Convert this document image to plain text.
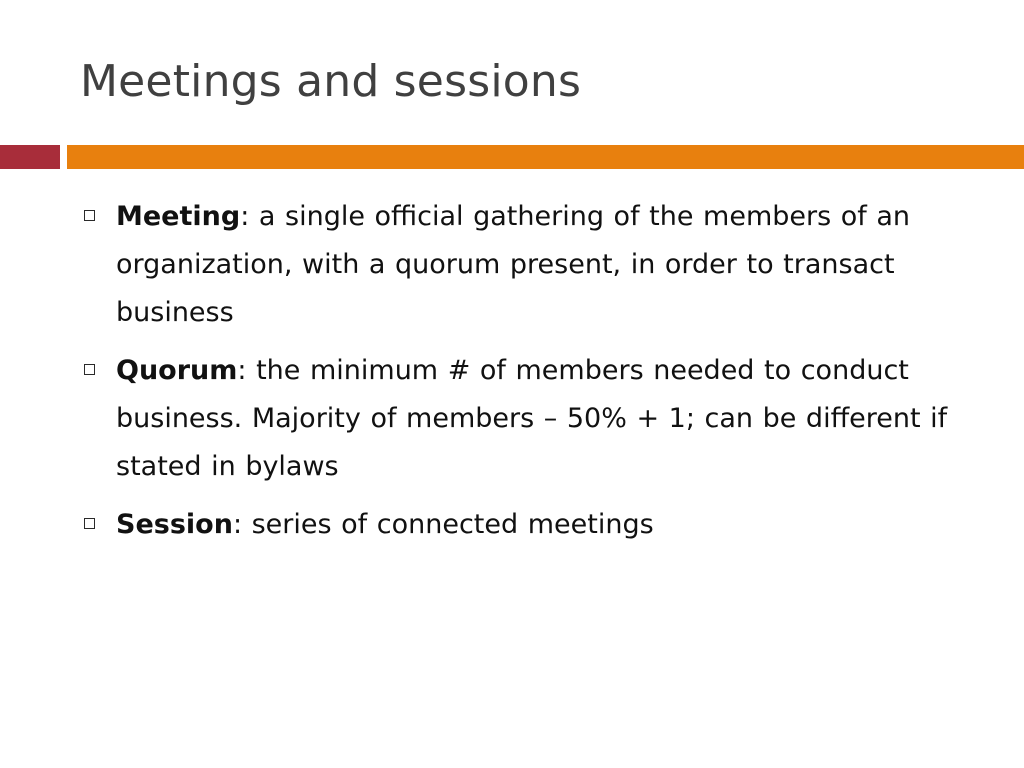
Meetings and sessions
Meeting: a single official gathering of the members of an organization, with a quorum present, in order to transact business
Quorum: the minimum # of members needed to conduct business. Majority of members – 50% + 1; can be different if stated in bylaws
Session: series of connected meetings
